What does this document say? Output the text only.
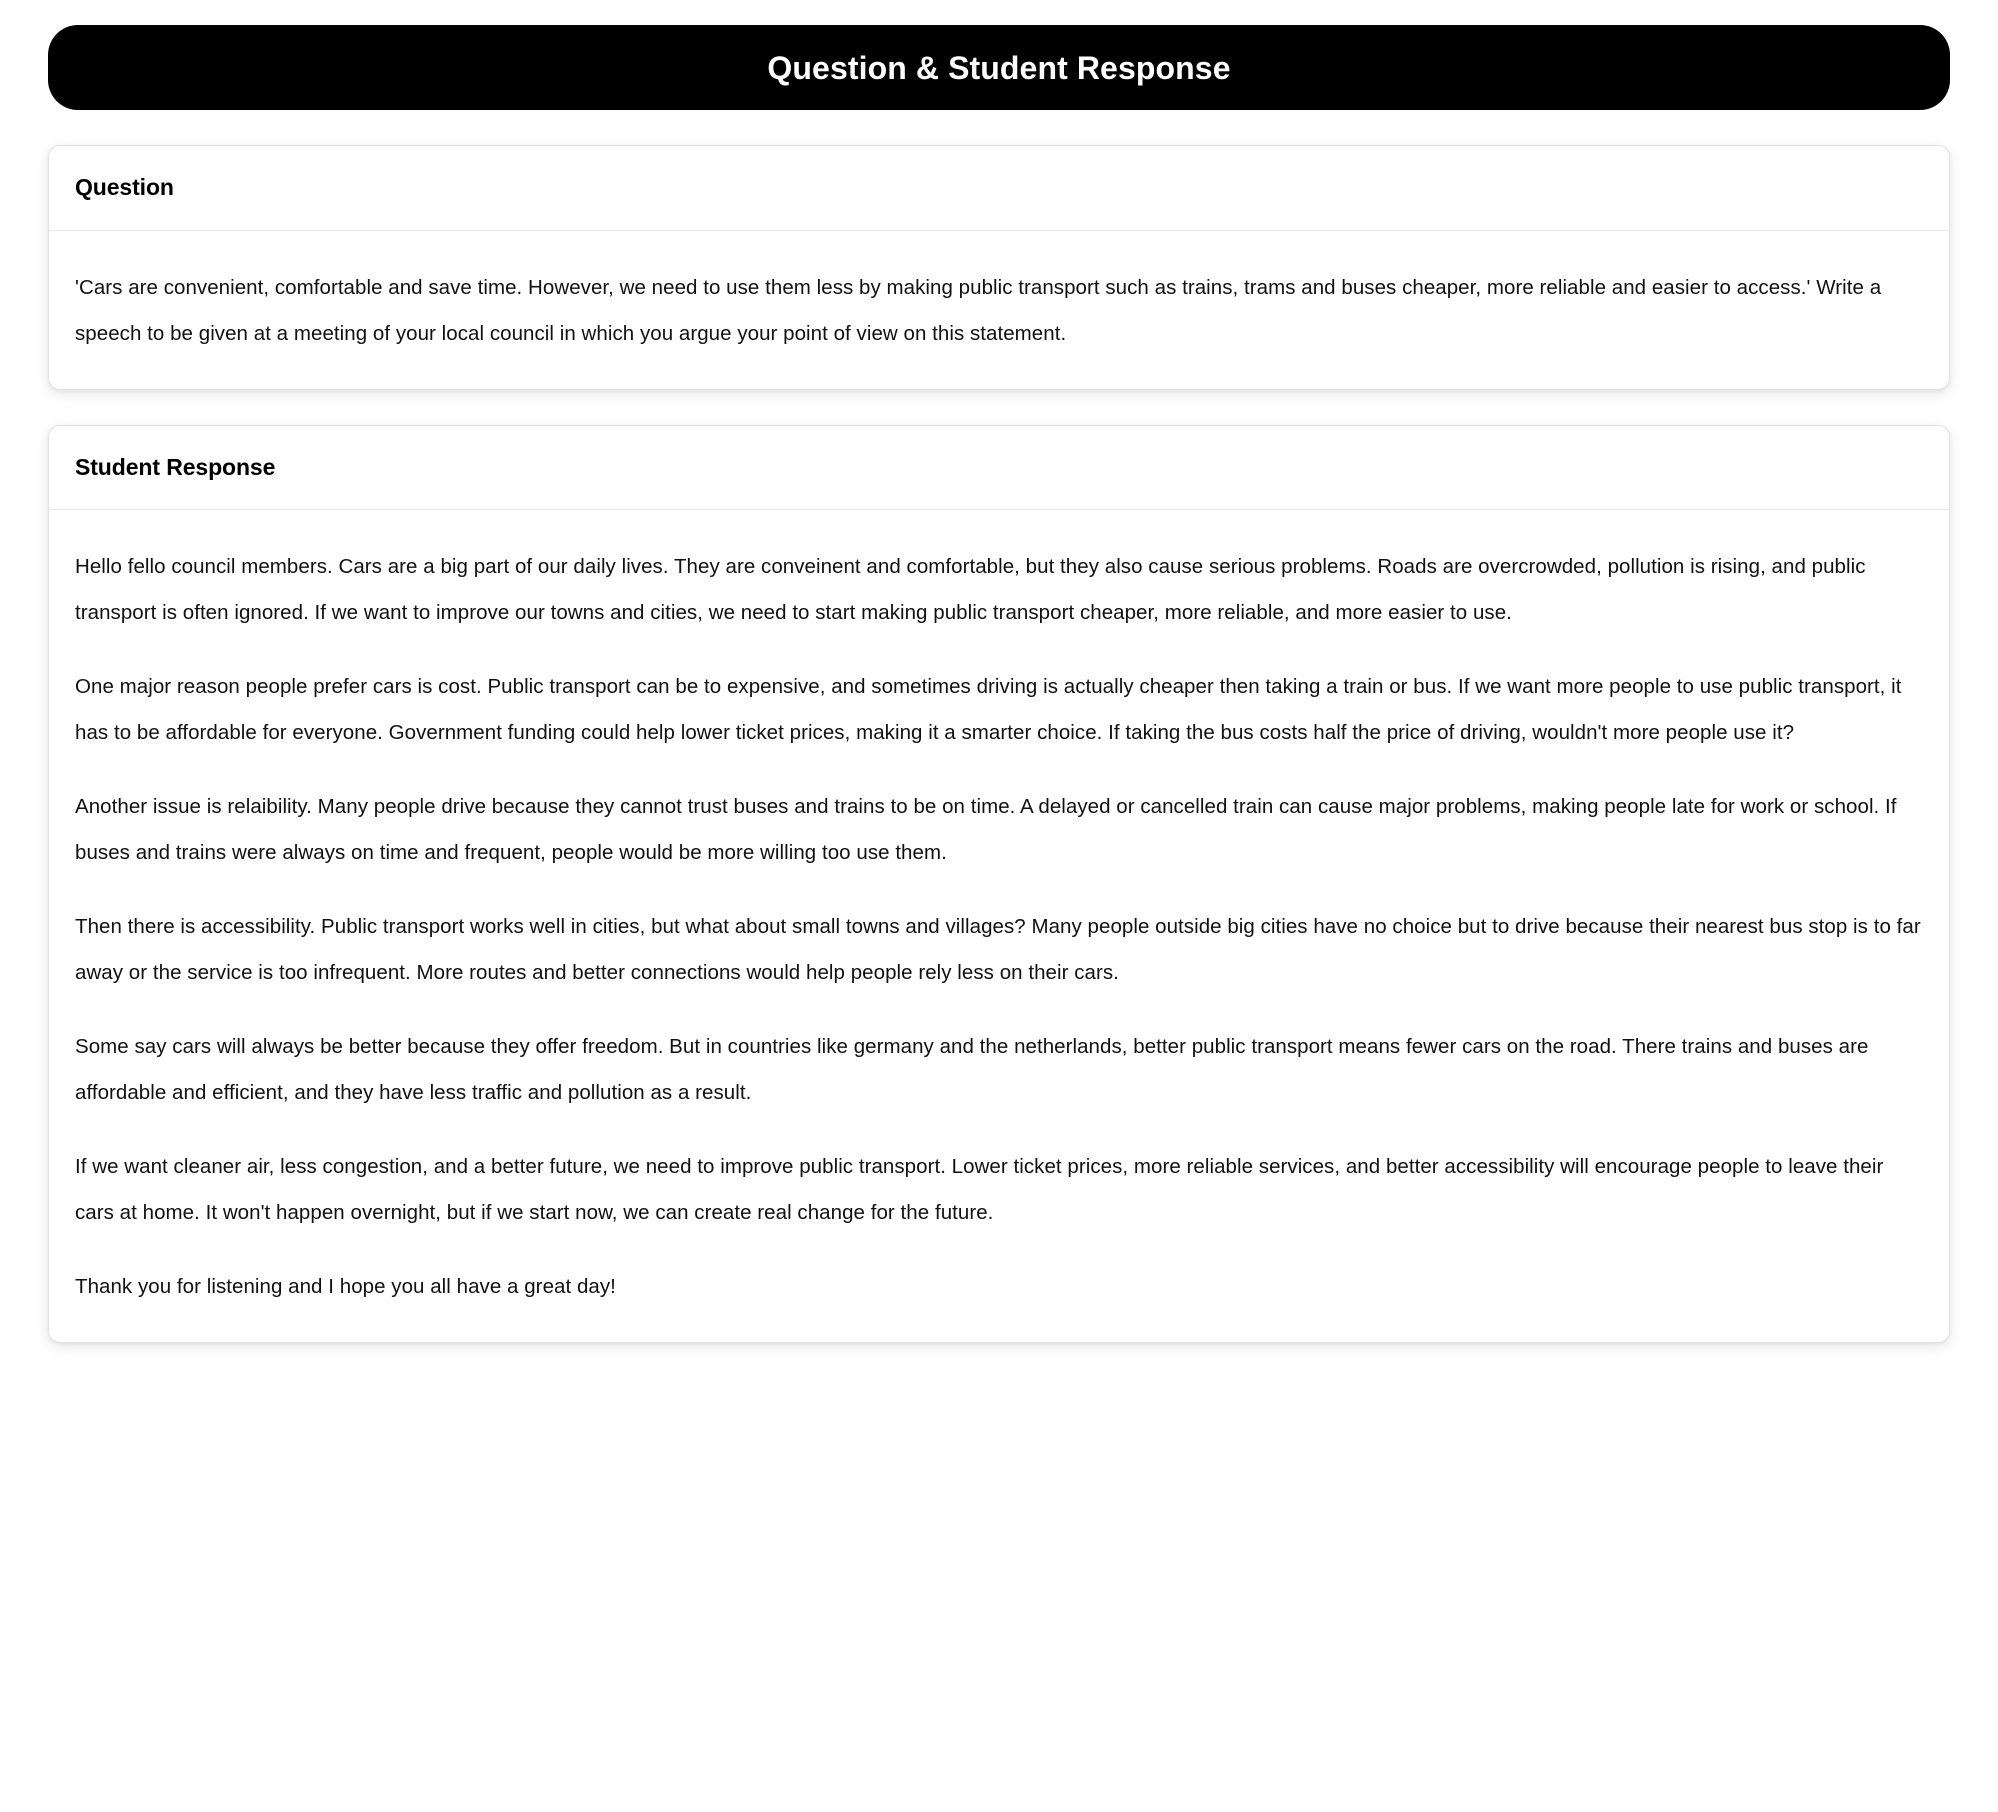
Question & Student Response
Question

'Cars are convenient, comfortable and save time. However, we need to use them less by making public transport such as trains, trams and buses cheaper, more reliable and easier to access.' Write a speech to be given at a meeting of your local council in which you argue your point of view on this statement.

Student Response

Hello fello council members. Cars are a big part of our daily lives. They are conveinent and comfortable, but they also cause serious problems. Roads are overcrowded, pollution is rising, and public transport is often ignored. If we want to improve our towns and cities, we need to start making public transport cheaper, more reliable, and more easier to use.

One major reason people prefer cars is cost. Public transport can be to expensive, and sometimes driving is actually cheaper then taking a train or bus. If we want more people to use public transport, it has to be affordable for everyone. Government funding could help lower ticket prices, making it a smarter choice. If taking the bus costs half the price of driving, wouldn't more people use it?

Another issue is relaibility. Many people drive because they cannot trust buses and trains to be on time. A delayed or cancelled train can cause major problems, making people late for work or school. If buses and trains were always on time and frequent, people would be more willing too use them.

Then there is accessibility. Public transport works well in cities, but what about small towns and villages? Many people outside big cities have no choice but to drive because their nearest bus stop is to far away or the service is too infrequent. More routes and better connections would help people rely less on their cars.

Some say cars will always be better because they offer freedom. But in countries like germany and the netherlands, better public transport means fewer cars on the road. There trains and buses are affordable and efficient, and they have less traffic and pollution as a result.

If we want cleaner air, less congestion, and a better future, we need to improve public transport. Lower ticket prices, more reliable services, and better accessibility will encourage people to leave their cars at home. It won't happen overnight, but if we start now, we can create real change for the future.

Thank you for listening and I hope you all have a great day!
